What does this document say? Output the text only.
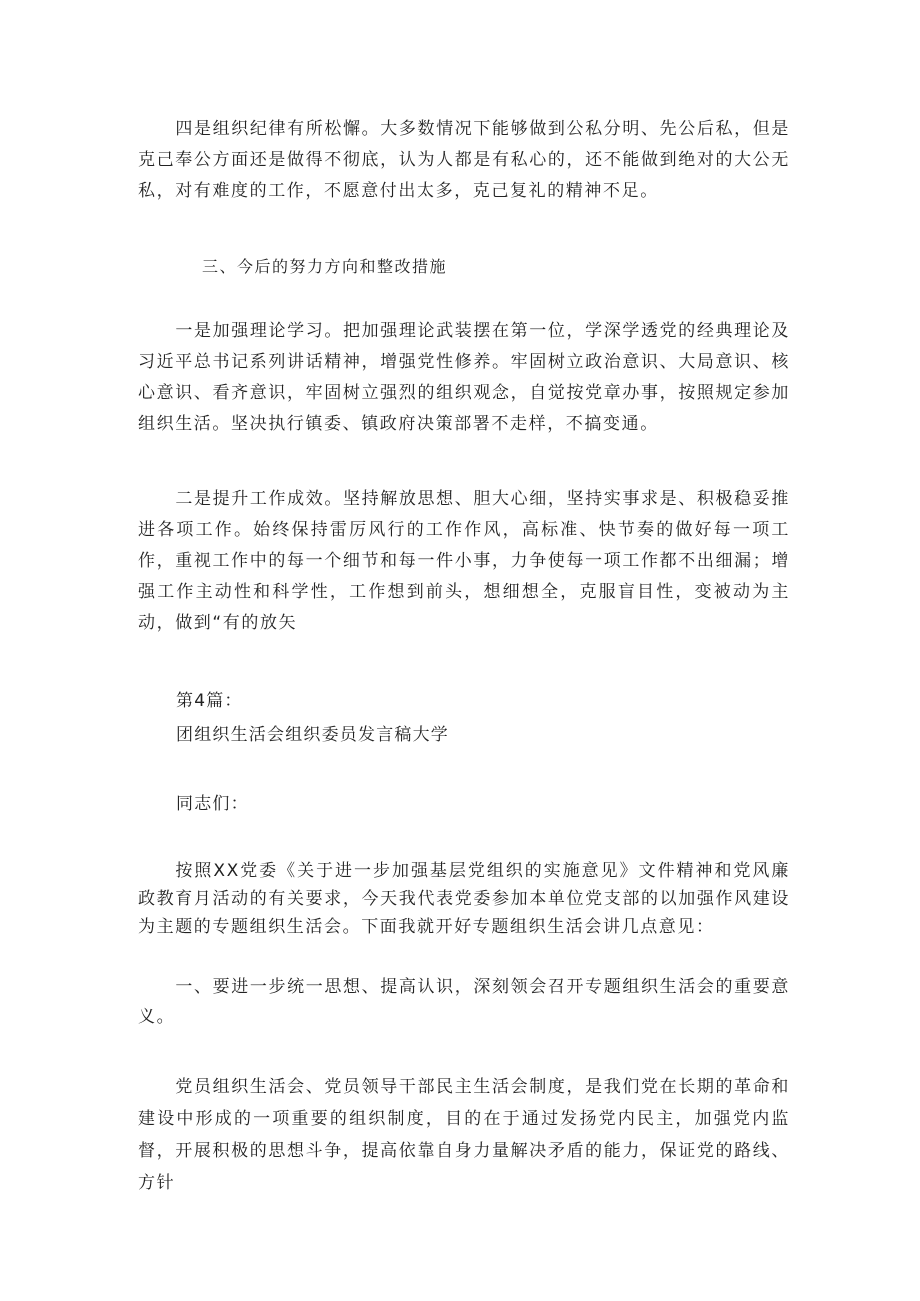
四是组织纪律有所松懈。大多数情况下能够做到公私分明、先公后私，但是克己奉公方面还是做得不彻底，认为人都是有私心的，还不能做到绝对的大公无私，对有难度的工作，不愿意付出太多，克己复礼的精神不足。

三、今后的努力方向和整改措施

一是加强理论学习。把加强理论武装摆在第一位，学深学透党的经典理论及习近平总书记系列讲话精神，增强党性修养。牢固树立政治意识、大局意识、核心意识、看齐意识，牢固树立强烈的组织观念，自觉按党章办事，按照规定参加组织生活。坚决执行镇委、镇政府决策部署不走样，不搞变通。

二是提升工作成效。坚持解放思想、胆大心细，坚持实事求是、积极稳妥推进各项工作。始终保持雷厉风行的工作作风，高标准、快节奏的做好每一项工作，重视工作中的每一个细节和每一件小事，力争使每一项工作都不出细漏；增强工作主动性和科学性，工作想到前头，想细想全，克服盲目性，变被动为主动，做到“有的放矢

第4篇：

团组织生活会组织委员发言稿大学

同志们：

按照XX党委《关于进一步加强基层党组织的实施意见》文件精神和党风廉政教育月活动的有关要求，今天我代表党委参加本单位党支部的以加强作风建设为主题的专题组织生活会。下面我就开好专题组织生活会讲几点意见：

一、要进一步统一思想、提高认识，深刻领会召开专题组织生活会的重要意义。

党员组织生活会、党员领导干部民主生活会制度，是我们党在长期的革命和建设中形成的一项重要的组织制度，目的在于通过发扬党内民主，加强党内监督，开展积极的思想斗争，提高依靠自身力量解决矛盾的能力，保证党的路线、方针
